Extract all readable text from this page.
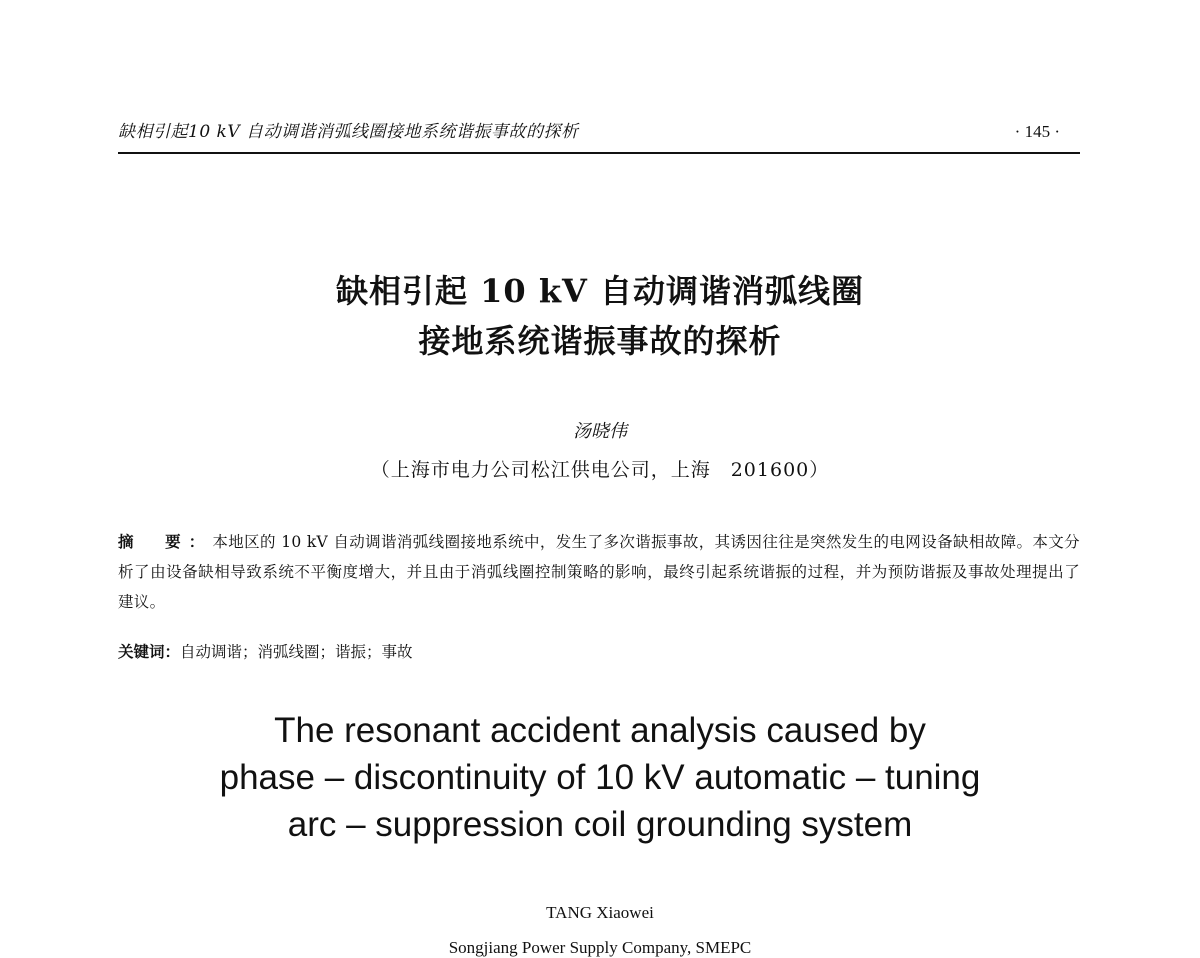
缺相引起10 kV 自动调谐消弧线圈接地系统谐振事故的探析	· 145 ·
缺相引起 10 kV 自动调谐消弧线圈
接地系统谐振事故的探析
汤晓伟
（上海市电力公司松江供电公司，上海　201600）
摘　要：本地区的 10 kV 自动调谐消弧线圈接地系统中，发生了多次谐振事故，其诱因往往是突然发生的电网设备缺相故障。本文分析了由设备缺相导致系统不平衡度增大，并且由于消弧线圈控制策略的影响，最终引起系统谐振的过程，并为预防谐振及事故处理提出了建议。
关键词：自动调谐；消弧线圈；谐振；事故
The resonant accident analysis caused by
phase – discontinuity of 10 kV automatic – tuning
arc – suppression coil grounding system
TANG Xiaowei
Songjiang Power Supply Company, SMEPC
